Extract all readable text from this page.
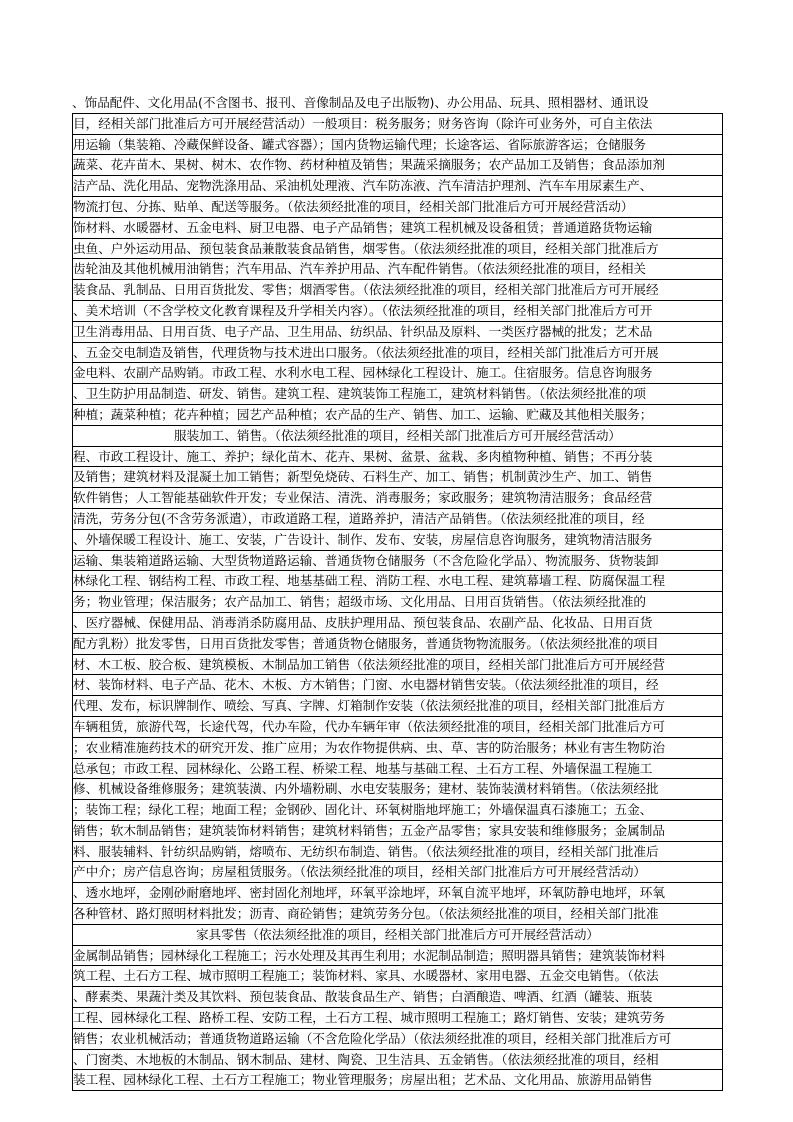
、饰品配件、文化用品(不含图书、报刊、音像制品及电子出版物)、办公用品、玩具、照相器材、通讯设
目，经相关部门批准后方可开展经营活动）一般项目：税务服务；财务咨询（除许可业务外，可自主依法
用运输（集装箱、冷藏保鲜设备、罐式容器）；国内货物运输代理；长途客运、省际旅游客运；仓储服务
蔬菜、花卉苗木、果树、树木、农作物、药材种植及销售；果蔬采摘服务；农产品加工及销售；食品添加剂
洁产品、洗化用品、宠物洗涤用品、采油机处理液、汽车防冻液、汽车清洁护理剂、汽车车用尿素生产、
物流打包、分拣、贴单、配送等服务。（依法须经批准的项目，经相关部门批准后方可开展经营活动）
饰材料、水暖器材、五金电料、厨卫电器、电子产品销售；建筑工程机械及设备租赁；普通道路货物运输
虫鱼、户外运动用品、预包装食品兼散装食品销售，烟零售。（依法须经批准的项目，经相关部门批准后方
齿轮油及其他机械用油销售；汽车用品、汽车养护用品、汽车配件销售。（依法须经批准的项目，经相关
装食品、乳制品、日用百货批发、零售；烟酒零售。（依法须经批准的项目，经相关部门批准后方可开展经
、美术培训（不含学校文化教育课程及升学相关内容）。（依法须经批准的项目，经相关部门批准后方可开
卫生消毒用品、日用百货、电子产品、卫生用品、纺织品、针织品及原料、一类医疗器械的批发；艺术品
、五金交电制造及销售，代理货物与技术进出口服务。（依法须经批准的项目，经相关部门批准后方可开展
金电料、农副产品购销。市政工程、水利水电工程、园林绿化工程设计、施工。住宿服务。信息咨询服务
、卫生防护用品制造、研发、销售。建筑工程、建筑装饰工程施工，建筑材料销售。（依法须经批准的项
种植；蔬菜种植；花卉种植；园艺产品种植；农产品的生产、销售、加工、运输、贮藏及其他相关服务；
服装加工、销售。（依法须经批准的项目，经相关部门批准后方可开展经营活动）
程、市政工程设计、施工、养护；绿化苗木、花卉、果树、盆景、盆栽、多肉植物种植、销售；不再分装
及销售；建筑材料及混凝土加工销售；新型免烧砖、石料生产、加工、销售；机制黄沙生产、加工、销售
软件销售；人工智能基础软件开发；专业保洁、清洗、消毒服务；家政服务；建筑物清洁服务；食品经营
清洗，劳务分包(不含劳务派遣），市政道路工程，道路养护，清洁产品销售。（依法须经批准的项目，经
、外墙保暖工程设计、施工、安装，广告设计、制作、发布、安装，房屋信息咨询服务，建筑物清洁服务
运输、集装箱道路运输、大型货物道路运输、普通货物仓储服务（不含危险化学品）、物流服务、货物装卸
林绿化工程、钢结构工程、市政工程、地基基础工程、消防工程、水电工程、建筑幕墙工程、防腐保温工程
务；物业管理；保洁服务；农产品加工、销售；超级市场、文化用品、日用百货销售。（依法须经批准的
、医疗器械、保健用品、消毒消杀防腐用品、皮肤护理用品、预包装食品、农副产品、化妆品、日用百货
配方乳粉）批发零售，日用百货批发零售；普通货物仓储服务，普通货物物流服务。（依法须经批准的项目
材、木工板、胶合板、建筑模板、木制品加工销售（依法须经批准的项目，经相关部门批准后方可开展经营
材、装饰材料、电子产品、花木、木板、方木销售；门窗、水电器材销售安装。（依法须经批准的项目，经
代理、发布，标识牌制作、喷绘、写真、字牌、灯箱制作安装（依法须经批准的项目，经相关部门批准后方
车辆租赁，旅游代驾，长途代驾，代办车险，代办车辆年审（依法须经批准的项目，经相关部门批准后方可
；农业精准施药技术的研究开发、推广应用；为农作物提供病、虫、草、害的防治服务；林业有害生物防治
总承包；市政工程、园林绿化、公路工程、桥梁工程、地基与基础工程、土石方工程、外墙保温工程施工
修、机械设备维修服务；建筑装潢、内外墙粉刷、水电安装服务；建材、装饰装潢材料销售。（依法须经批
；装饰工程；绿化工程；地面工程；金钢砂、固化计、环氧树脂地坪施工；外墙保温真石漆施工；五金、
销售；软木制品销售；建筑装饰材料销售；建筑材料销售；五金产品零售；家具安装和维修服务；金属制品
料、服装辅料、针纺织品购销，熔喷布、无纺织布制造、销售。（依法须经批准的项目，经相关部门批准后
产中介；房产信息咨询；房屋租赁服务。（依法须经批准的项目，经相关部门批准后方可开展经营活动）
、透水地坪，金刚砂耐磨地坪、密封固化剂地坪，环氧平涂地坪，环氧自流平地坪，环氧防静电地坪，环氧
各种管材、路灯照明材料批发；沥青、商砼销售；建筑劳务分包。（依法须经批准的项目，经相关部门批准
家具零售（依法须经批准的项目，经相关部门批准后方可开展经营活动）
金属制品销售；园林绿化工程施工；污水处理及其再生利用；水泥制品制造；照明器具销售；建筑装饰材料
筑工程、土石方工程、城市照明工程施工；装饰材料、家具、水暖器材、家用电器、五金交电销售。（依法
、酵素类、果蔬汁类及其饮料、预包装食品、散装食品生产、销售；白酒酿造、啤酒、红酒（罐装、瓶装
工程、园林绿化工程、路桥工程、安防工程，土石方工程、城市照明工程施工；路灯销售、安装；建筑劳务
销售；农业机械活动；普通货物道路运输（不含危险化学品）（依法须经批准的项目，经相关部门批准后方可
、门窗类、木地板的木制品、钢木制品、建材、陶瓷、卫生洁具、五金销售。（依法须经批准的项目，经相
装工程、园林绿化工程、土石方工程施工；物业管理服务；房屋出租；艺术品、文化用品、旅游用品销售
